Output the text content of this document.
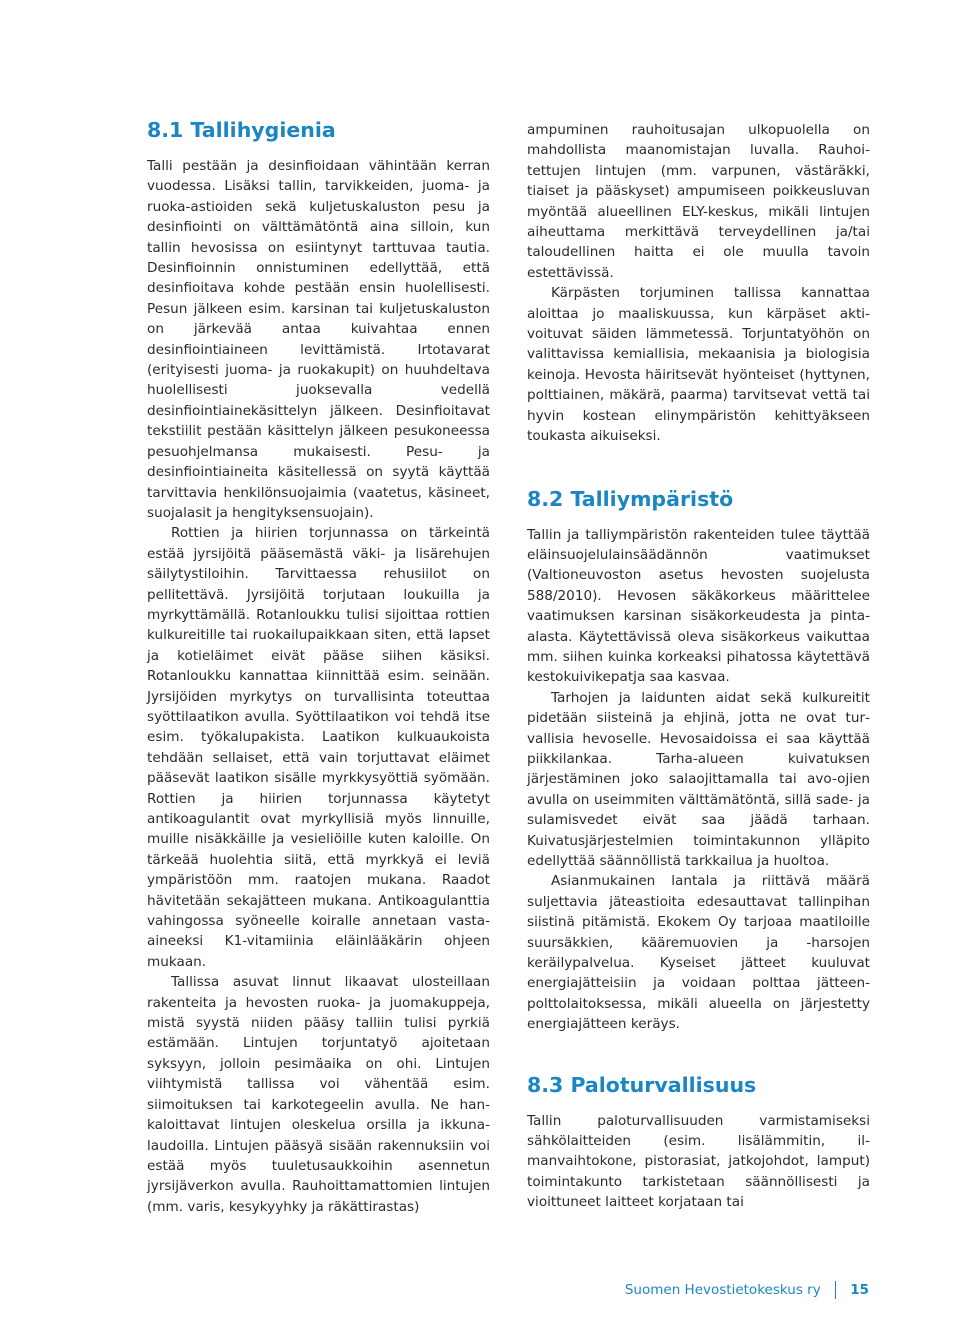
8.1 Tallihygienia

Talli pestään ja desinfioidaan vähintään kerran vuodessa. Lisäksi tallin, tarvikkeiden, juoma- ja ruoka-astioiden sekä kuljetuskaluston pesu ja desinfiointi on välttämätöntä aina silloin, kun tallin hevosissa on esiintynyt tarttuvaa tautia. Desinfioinnin onnistuminen edellyttää, että desinfioitava kohde pestään ensin huolellisesti. Pesun jälkeen esim. karsinan tai kuljetuskaluston on järkevää antaa kuivahtaa ennen desinfiointiaineen levittämistä. Irtotavarat (erityisesti juoma- ja ruokakupit) on huuhdeltava huolellisesti juoksevalla vedellä desinfiointiainekäsittelyn jälkeen. Desinfioitavat tekstiilit pestään käsittelyn jälkeen pesukoneessa pesuohjelmansa mukaisesti. Pesu- ja desinfiointiaineita käsitellessä on syytä käyttää tarvittavia henkilönsuojaimia (vaatetus, käsineet, suojalasit ja hengityksensuojain).

Rottien ja hiirien torjunnassa on tärkeintä estää jyrsijöitä pääsemästä väki- ja lisärehujen säilytystiloihin. Tarvittaessa rehusiilot on pellitettävä. Jyrsijöitä torjutaan loukuilla ja myrkyttämällä. Rotanloukku tulisi sijoittaa rottien kulkureitille tai ruokailupaikkaan siten, että lapset ja kotieläimet eivät pääse siihen käsiksi. Rotanloukku kannattaa kiinnittää esim. seinään. Jyrsijöiden myrkytys on turvallisinta toteuttaa syöttilaatikon avulla. Syöttilaatikon voi tehdä itse esim. työkalupakista. Laatikon kulkuaukoista tehdään sellaiset, että vain torjuttavat eläimet pääsevät laatikon sisälle myrkkysyöttiä syömään. Rottien ja hiirien torjunnassa käytetyt antikoagulantit ovat myrkyllisiä myös linnuille, muille nisäkkäille ja vesieliöille kuten kaloille. On tärkeää huolehtia siitä, että myrkkyä ei leviä ympäristöön mm. raatojen mukana. Raadot hävitetään sekajätteen mukana. Antikoagulanttia vahingossa syöneelle koiralle annetaan vasta-aineeksi K1-vitamiinia eläinlääkärin ohjeen mukaan.

Tallissa asuvat linnut likaavat ulosteillaan rakenteita ja hevosten ruoka- ja juomakuppeja, mistä syystä niiden pääsy talliin tulisi pyrkiä estämään. Lintujen torjuntatyö ajoitetaan syksyyn, jolloin pesimäaika on ohi. Lintujen viihtymistä tallissa voi vähentää esim. siimoituksen tai karkotegeelin avulla. Ne hankaloittavat lintujen oleskelua orsilla ja ikkunalaudoilla. Lintujen pääsyä sisään rakennuksiin voi estää myös tuuletusaukkoihin asennetun jyrsijäverkon avulla. Rauhoittamattomien lintujen (mm. varis, kesykyyhky ja räkättirastas)

ampuminen rauhoitusajan ulkopuolella on mahdollista maanomistajan luvalla. Rauhoitettujen lintujen (mm. varpunen, västäräkki, tiaiset ja pääskyset) ampumiseen poikkeusluvan myöntää alueellinen ELY-keskus, mikäli lintujen aiheuttama merkittävä terveydellinen ja/tai taloudellinen haitta ei ole muulla tavoin estettävissä.

Kärpästen torjuminen tallissa kannattaa aloittaa jo maaliskuussa, kun kärpäset aktivoituvat säiden lämmetessä. Torjuntatyöhön on valittavissa kemiallisia, mekaanisia ja biologisia keinoja. Hevosta häiritsevät hyönteiset (hyttynen, polttiainen, mäkärä, paarma) tarvitsevat vettä tai hyvin kostean elinympäristön kehittyäkseen toukasta aikuiseksi.

8.2 Talliympäristö

Tallin ja talliympäristön rakenteiden tulee täyttää eläinsuojelulainsäädännön vaatimukset (Valtioneuvoston asetus hevosten suojelusta 588/2010). Hevosen säkäkorkeus määrittelee vaatimuksen karsinan sisäkorkeudesta ja pinta-alasta. Käytettävissä oleva sisäkorkeus vaikuttaa mm. siihen kuinka korkeaksi pihatossa käytettävä kestokuivikepatja saa kasvaa.

Tarhojen ja laidunten aidat sekä kulkureitit pidetään siisteinä ja ehjinä, jotta ne ovat turvallisia hevoselle. Hevosaidoissa ei saa käyttää piikkilankaa. Tarha-alueen kuivatuksen järjestäminen joko salaojittamalla tai avo-ojien avulla on useimmiten välttämätöntä, sillä sade- ja sulamisvedet eivät saa jäädä tarhaan. Kuivatusjärjestelmien toimintakunnon ylläpito edellyttää säännöllistä tarkkailua ja huoltoa.

Asianmukainen lantala ja riittävä määrä suljettavia jäteastioita edesauttavat tallinpihan siistinä pitämistä. Ekokem Oy tarjoaa maatiloille suursäkkien, kääremuovien ja -harsojen keräilypalvelua. Kyseiset jätteet kuuluvat energiajätteisiin ja voidaan polttaa jätteenpolttolaitoksessa, mikäli alueella on järjestetty energiajätteen keräys.

8.3 Paloturvallisuus

Tallin paloturvallisuuden varmistamiseksi sähkölaitteiden (esim. lisälämmitin, ilmanvaihtokone, pistorasiat, jatkojohdot, lamput) toimintakunto tarkistetaan säännöllisesti ja vioittuneet laitteet korjataan tai

Suomen Hevostietokeskus ry 15
